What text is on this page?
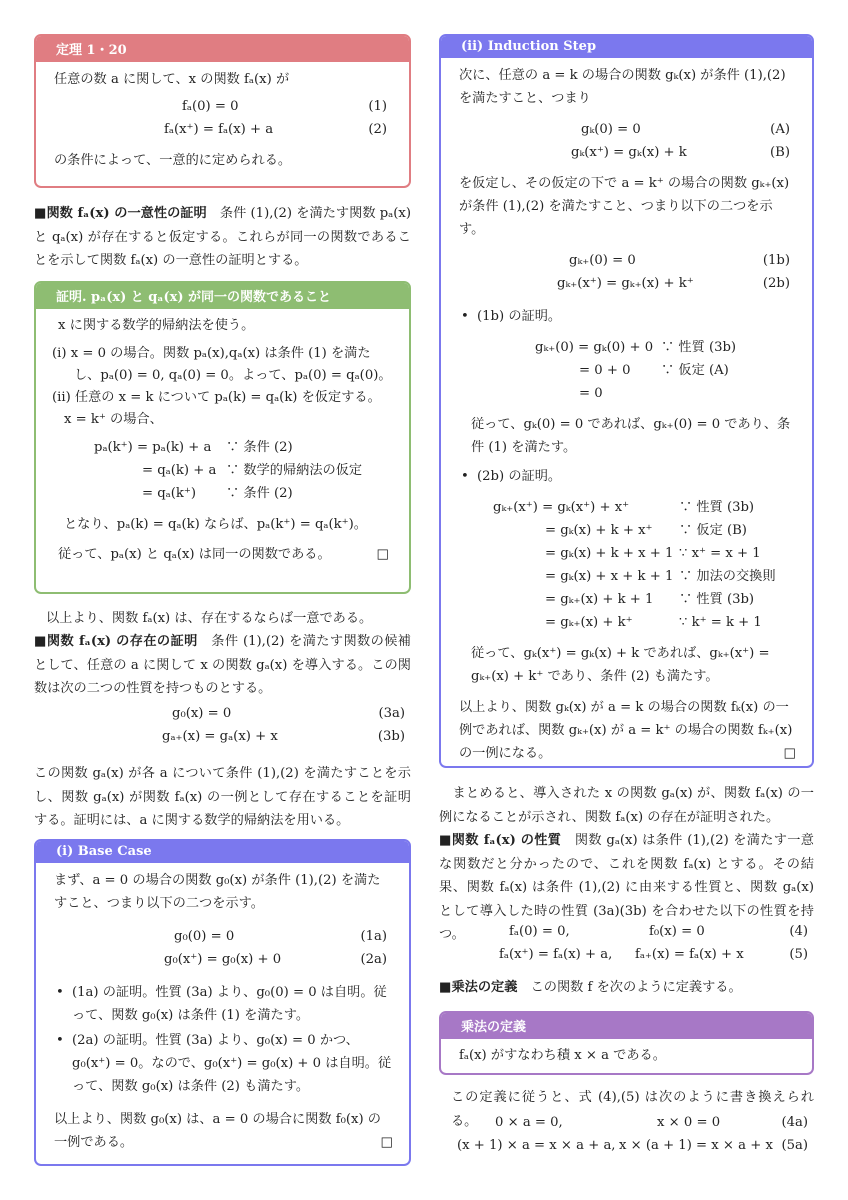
定理 1・20
任意の数 a に関して、x の関数 fₐ(x) が
fₐ(0) = 0	(1)
fₐ(x⁺) = fₐ(x) + a	(2)
の条件によって、一意的に定められる。
■関数 fₐ(x) の一意性の証明　条件 (1),(2) を満たす関数 pₐ(x) と qₐ(x) が存在すると仮定する。これらが同一の関数であることを示して関数 fₐ(x) の一意性の証明とする。
証明. pₐ(x) と qₐ(x) が同一の関数であること
x に関する数学的帰納法を使う。
(i) x = 0 の場合。関数 pₐ(x),qₐ(x) は条件 (1) を満たし、pₐ(0) = 0, qₐ(0) = 0。よって、pₐ(0) = qₐ(0)。
(ii) 任意の x = k について pₐ(k) = qₐ(k) を仮定する。
x = k⁺ の場合、
pₐ(k⁺) = pₐ(k) + a ∵ 条件 (2)
= qₐ(k) + a ∵ 数学的帰納法の仮定
= qₐ(k⁺) ∵ 条件 (2)
となり、pₐ(k) = qₐ(k) ならば、pₐ(k⁺) = qₐ(k⁺)。
従って、pₐ(x) と qₐ(x) は同一の関数である。	□
以上より、関数 fₐ(x) は、存在するならば一意である。
■関数 fₐ(x) の存在の証明　条件 (1),(2) を満たす関数の候補として、任意の a に関して x の関数 gₐ(x) を導入する。この関数は次の二つの性質を持つものとする。
g₀(x) = 0	(3a)
gₐ₊(x) = gₐ(x) + x	(3b)
この関数 gₐ(x) が各 a について条件 (1),(2) を満たすことを示し、関数 gₐ(x) が関数 fₐ(x) の一例として存在することを証明する。証明には、a に関する数学的帰納法を用いる。
(i) Base Case
まず、a = 0 の場合の関数 g₀(x) が条件 (1),(2) を満たすこと、つまり以下の二つを示す。
g₀(0) = 0	(1a)
g₀(x⁺) = g₀(x) + 0	(2a)
• (1a) の証明。性質 (3a) より、g₀(0) = 0 は自明。従って、関数 g₀(x) は条件 (1) を満たす。
• (2a) の証明。性質 (3a) より、g₀(x) = 0 かつ、g₀(x⁺) = 0。なので、g₀(x⁺) = g₀(x) + 0 は自明。従って、関数 g₀(x) は条件 (2) も満たす。
以上より、関数 g₀(x) は、a = 0 の場合に関数 f₀(x) の一例である。	□
(ii) Induction Step
次に、任意の a = k の場合の関数 gₖ(x) が条件 (1),(2) を満たすこと、つまり
gₖ(0) = 0	(A)
gₖ(x⁺) = gₖ(x) + k	(B)
を仮定し、その仮定の下で a = k⁺ の場合の関数 gₖ₊(x) が条件 (1),(2) を満たすこと、つまり以下の二つを示す。
gₖ₊(0) = 0	(1b)
gₖ₊(x⁺) = gₖ₊(x) + k⁺	(2b)
• (1b) の証明。
gₖ₊(0) = gₖ(0) + 0 ∵ 性質 (3b)
= 0 + 0 ∵ 仮定 (A)
= 0
従って、gₖ(0) = 0 であれば、gₖ₊(0) = 0 であり、条件 (1) を満たす。
• (2b) の証明。
gₖ₊(x⁺) = gₖ(x⁺) + x⁺	∵ 性質 (3b)
= gₖ(x) + k + x⁺ ∵ 仮定 (B)
= gₖ(x) + k + x + 1 ∵ x⁺ = x + 1
= gₖ(x) + x + k + 1 ∵ 加法の交換則
= gₖ₊(x) + k + 1 ∵ 性質 (3b)
= gₖ₊(x) + k⁺	∵ k⁺ = k + 1
従って、gₖ(x⁺) = gₖ(x) + k であれば、gₖ₊(x⁺) = gₖ₊(x) + k⁺ であり、条件 (2) も満たす。
以上より、関数 gₖ(x) が a = k の場合の関数 fₖ(x) の一例であれば、関数 gₖ₊(x) が a = k⁺ の場合の関数 fₖ₊(x) の一例になる。	□
　まとめると、導入された x の関数 gₐ(x) が、関数 fₐ(x) の一例になることが示され、関数 fₐ(x) の存在が証明された。
■関数 fₐ(x) の性質　関数 gₐ(x) は条件 (1),(2) を満たす一意な関数だと分かったので、これを関数 fₐ(x) とする。その結果、関数 fₐ(x) は条件 (1),(2) に由来する性質と、関数 gₐ(x) として導入した時の性質 (3a)(3b) を合わせた以下の性質を持つ。	fₐ(0) = 0,	f₀(x) = 0	(4)
fₐ(x⁺) = fₐ(x) + a, fₐ₊(x) = fₐ(x) + x	(5)
■乗法の定義　この関数 f を次のように定義する。
乗法の定義
fₐ(x) がすなわち積 x × a である。
この定義に従うと、式 (4),(5) は次のように書き換えられる。	0 × a = 0,	x × 0 = 0	(4a)
(x + 1) × a = x × a + a, x × (a + 1) = x × a + x (5a)
